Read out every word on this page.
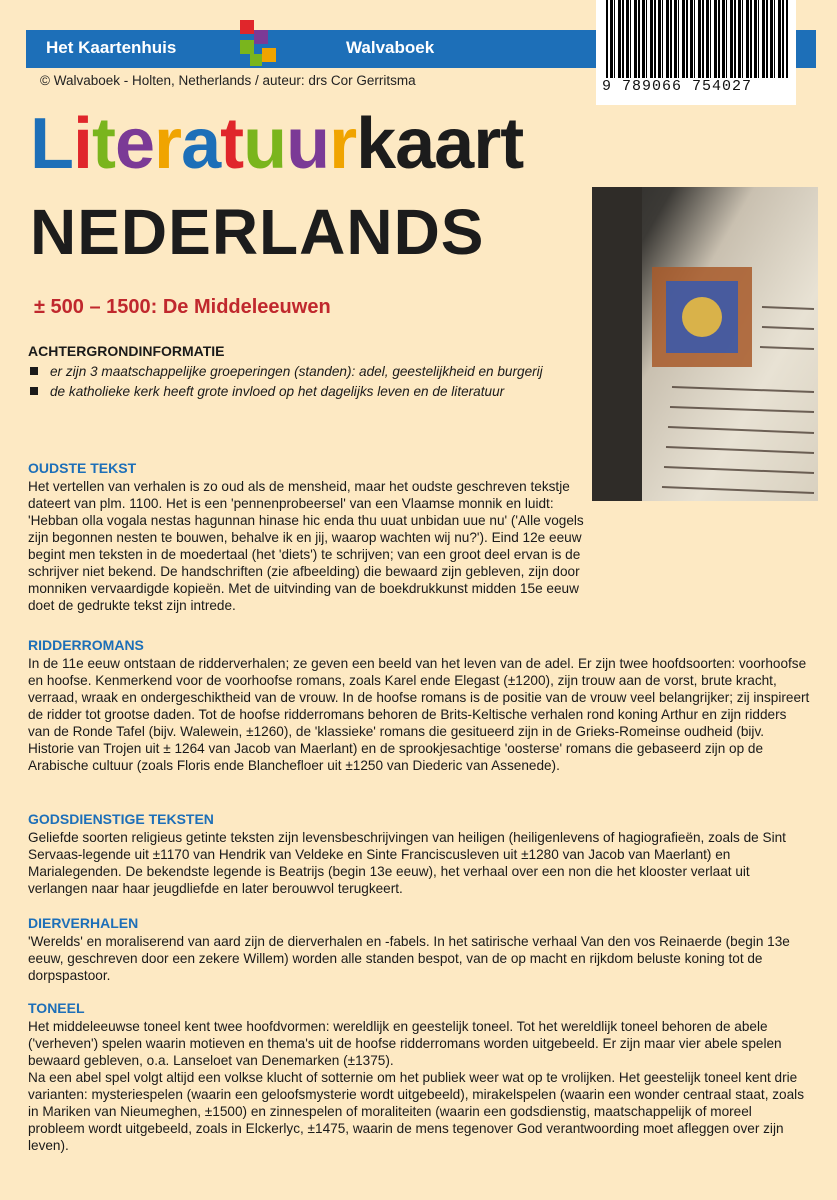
Het Kaartenhuis	Walvaboek
9 789066 754027
© Walvaboek - Holten, Netherlands / auteur: drs Cor Gerritsma
Literatuurkaart
NEDERLANDS
± 500 – 1500: De Middeleeuwen
ACHTERGRONDINFORMATIE
er zijn 3 maatschappelijke groeperingen (standen): adel, geestelijkheid en burgerij
de katholieke kerk heeft grote invloed op het dagelijks leven en de literatuur
OUDSTE TEKST

Het vertellen van verhalen is zo oud als de mensheid, maar het oudste geschreven tekstje dateert van plm. 1100. Het is een 'pennenprobeersel' van een Vlaamse monnik en luidt: 'Hebban olla vogala nestas hagunnan hinase hic enda thu uuat unbidan uue nu' ('Alle vogels zijn begonnen nesten te bouwen, behalve ik en jij, waarop wachten wij nu?'). Eind 12e eeuw begint men teksten in de moedertaal (het 'diets') te schrijven; van een groot deel ervan is de schrijver niet bekend. De handschriften (zie afbeelding) die bewaard zijn gebleven, zijn door monniken vervaardigde kopieën. Met de uitvinding van de boekdrukkunst midden 15e eeuw doet de gedrukte tekst zijn intrede.

RIDDERROMANS

In de 11e eeuw ontstaan de ridderverhalen; ze geven een beeld van het leven van de adel. Er zijn twee hoofdsoorten: voorhoofse en hoofse. Kenmerkend voor de voorhoofse romans, zoals Karel ende Elegast (±1200), zijn trouw aan de vorst, brute kracht, verraad, wraak en ondergeschiktheid van de vrouw. In de hoofse romans is de positie van de vrouw veel belangrijker; zij inspireert de ridder tot grootse daden. Tot de hoofse ridderromans behoren de Brits-Keltische verhalen rond koning Arthur en zijn ridders van de Ronde Tafel (bijv. Walewein, ±1260), de 'klassieke' romans die gesitueerd zijn in de Grieks-Romeinse oudheid (bijv. Historie van Trojen uit ± 1264 van Jacob van Maerlant) en de sprookjesachtige 'oosterse' romans die gebaseerd zijn op de Arabische cultuur (zoals Floris ende Blanchefloer uit ±1250 van Diederic van Assenede).

GODSDIENSTIGE TEKSTEN

Geliefde soorten religieus getinte teksten zijn levensbeschrijvingen van heiligen (heiligenlevens of hagiografieën, zoals de Sint Servaas-legende uit ±1170 van Hendrik van Veldeke en Sinte Franciscusleven uit ±1280 van Jacob van Maerlant) en Marialegenden. De bekendste legende is Beatrijs (begin 13e eeuw), het verhaal over een non die het klooster verlaat uit verlangen naar haar jeugdliefde en later berouwvol terugkeert.

DIERVERHALEN

'Werelds' en moraliserend van aard zijn de dierverhalen en -fabels. In het satirische verhaal Van den vos Reinaerde (begin 13e eeuw, geschreven door een zekere Willem) worden alle standen bespot, van de op macht en rijkdom beluste koning tot de dorpspastoor.

TONEEL

Het middeleeuwse toneel kent twee hoofdvormen: wereldlijk en geestelijk toneel. Tot het wereldlijk toneel behoren de abele ('verheven') spelen waarin motieven en thema's uit de hoofse ridderromans worden uitgebeeld. Er zijn maar vier abele spelen bewaard gebleven, o.a. Lanseloet van Denemarken (±1375).

Na een abel spel volgt altijd een volkse klucht of sotternie om het publiek weer wat op te vrolijken. Het geestelijk toneel kent drie varianten: mysteriespelen (waarin een geloofsmysterie wordt uitgebeeld), mirakelspelen (waarin een wonder centraal staat, zoals in Mariken van Nieumeghen, ±1500) en zinnespelen of moraliteiten (waarin een godsdienstig, maatschappelijk of moreel probleem wordt uitgebeeld, zoals in Elckerlyc, ±1475, waarin de mens tegenover God verantwoording moet afleggen over zijn leven).
